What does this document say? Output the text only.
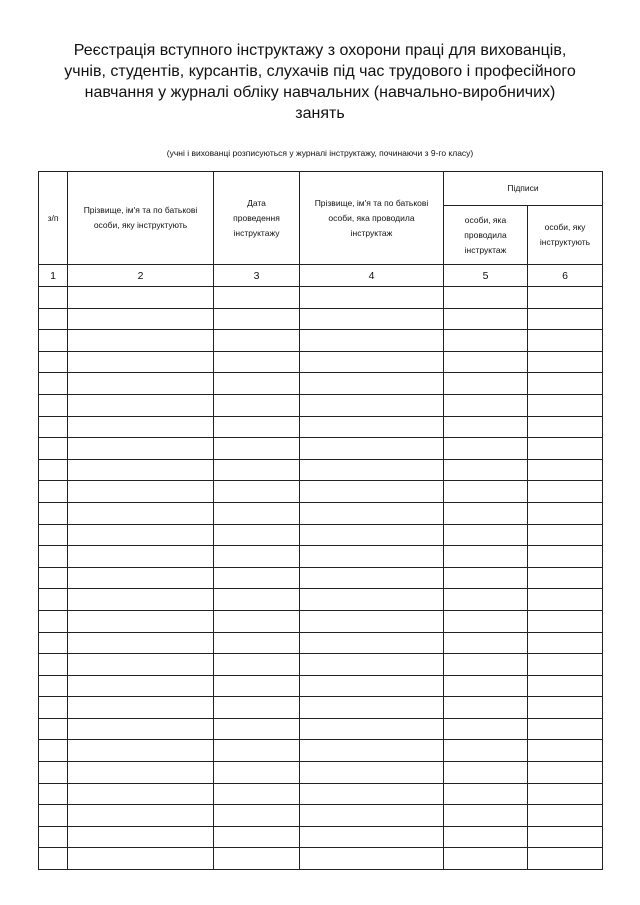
Реєстрація вступного інструктажу з охорони праці для вихованців,
учнів, студентів, курсантів, слухачів під час трудового і професійного
навчання у журналі обліку навчальних (навчально-виробничих)
занять

(учні і вихованці розписуються у журналі інструктажу, починаючи з 9-го класу)

з/п	Прізвище, ім'я та по батькові особи, яку інструктують	Дата проведення інструктажу	Прізвище, ім'я та по батькові особи, яка проводила інструктаж	Підписи	
				особи, яка проводила інструктаж	особи, яку інструктують
1	2	3	4	5	6
